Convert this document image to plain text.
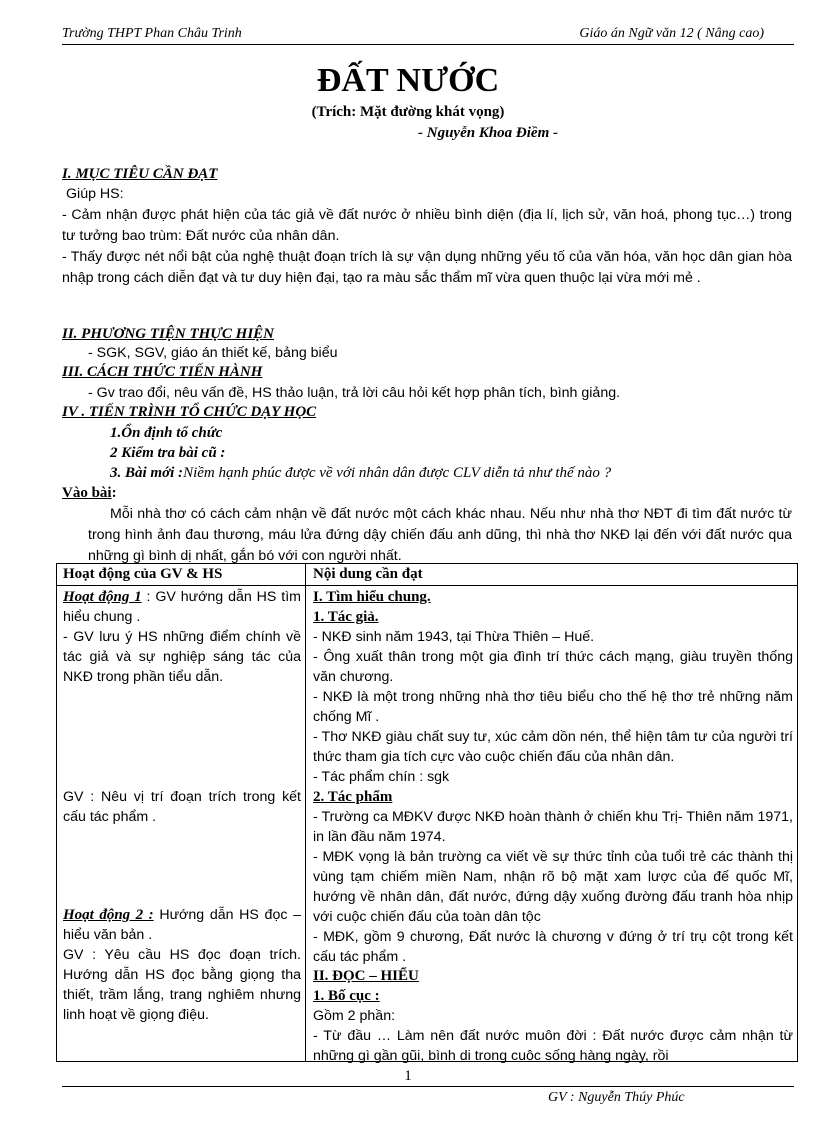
Trường THPT Phan Châu Trinh	Giáo án Ngữ văn 12 ( Nâng cao)
ĐẤT NƯỚC
(Trích: Mặt đường khát vọng)
- Nguyễn Khoa Điềm -
I. MỤC TIÊU CẦN ĐẠT
Giúp HS:
- Cảm nhận được phát hiện của tác giả về đất nước ở nhiều bình diện (địa lí, lịch sử, văn hoá, phong tục…) trong tư tưởng bao trùm: Đất nước của nhân dân.
- Thấy được nét nổi bật của nghệ thuật đoạn trích là sự vận dụng những yếu tố của văn hóa, văn học dân gian hòa nhập trong cách diễn đạt và tư duy hiện đại, tạo ra màu sắc thẩm mĩ vừa quen thuộc lại vừa mới mẻ .
II. PHƯƠNG TIỆN THỰC HIỆN
- SGK, SGV, giáo án thiết kế, bảng biểu
III. CÁCH THỨC TIẾN HÀNH
- Gv trao đổi, nêu vấn đề, HS thảo luận, trả lời câu hỏi kết hợp phân tích, bình giảng.
IV . TIẾN TRÌNH TỔ CHỨC DẠY HỌC
1.Ổn định tổ chức
2 Kiểm tra bài cũ :
3. Bài mới :Niềm hạnh phúc được về với nhân dân được CLV diễn tả như thế nào ?
Vào bài:
Mỗi nhà thơ có cách cảm nhận về đất nước một cách khác nhau. Nếu như nhà thơ NĐT đi tìm đất nước từ trong hình ảnh đau thương, máu lửa đứng dậy chiến đấu anh dũng, thì nhà thơ NKĐ lại đến với đất nước qua những gì bình dị nhất, gắn bó với con người nhất.
Hoạt động của GV & HS	Nội dung cần đạt
Hoạt động 1 : GV hướng dẫn HS tìm hiểu chung .
- GV lưu ý HS những điểm chính về tác giả và sự nghiệp sáng tác của NKĐ trong phần tiểu dẫn.
GV : Nêu vị trí đoạn trích trong kết cấu tác phẩm .
Hoạt động 2 : Hướng dẫn HS đọc – hiểu văn bản .
GV : Yêu cầu HS đọc đoạn trích. Hướng dẫn HS đọc bằng giọng tha thiết, trầm lắng, trang nghiêm nhưng linh hoạt về giọng điệu.
I. Tìm hiểu chung.
1. Tác giả.
- NKĐ sinh năm 1943, tại Thừa Thiên – Huế.
- Ông xuất thân trong một gia đình trí thức cách mạng, giàu truyền thống văn chương.
- NKĐ là một trong những nhà thơ tiêu biểu cho thế hệ thơ trẻ những năm chống Mĩ .
- Thơ NKĐ giàu chất suy tư, xúc cảm dồn nén, thể hiện tâm tư của người trí thức tham gia tích cực vào cuộc chiến đấu của nhân dân.
- Tác phẩm chín : sgk
2. Tác phẩm
- Trường ca MĐKV được NKĐ hoàn thành ở chiến khu Trị- Thiên năm 1971, in lần đầu năm 1974.
- MĐK vọng là bản trường ca viết về sự thức tỉnh của tuổi trẻ các thành thị vùng tạm chiếm miền Nam, nhận rõ bộ mặt xam lược của đế quốc Mĩ, hướng về nhân dân, đất nước, đứng dậy xuống đường đấu tranh hòa nhịp với cuộc chiến đấu của toàn dân tộc
- MĐK, gồm 9 chương, Đất nước là chương v đứng ở trí trụ cột trong kết cấu tác phẩm .
II. ĐỌC – HIỂU
1. Bố cục :
Gồm 2 phần:
- Từ đầu … Làm nên đất nước muôn đời : Đất nước được cảm nhận từ những gì gần gũi, bình dị trong cuộc sống hàng ngày, rồi
1
GV : Nguyễn Thúy Phúc
